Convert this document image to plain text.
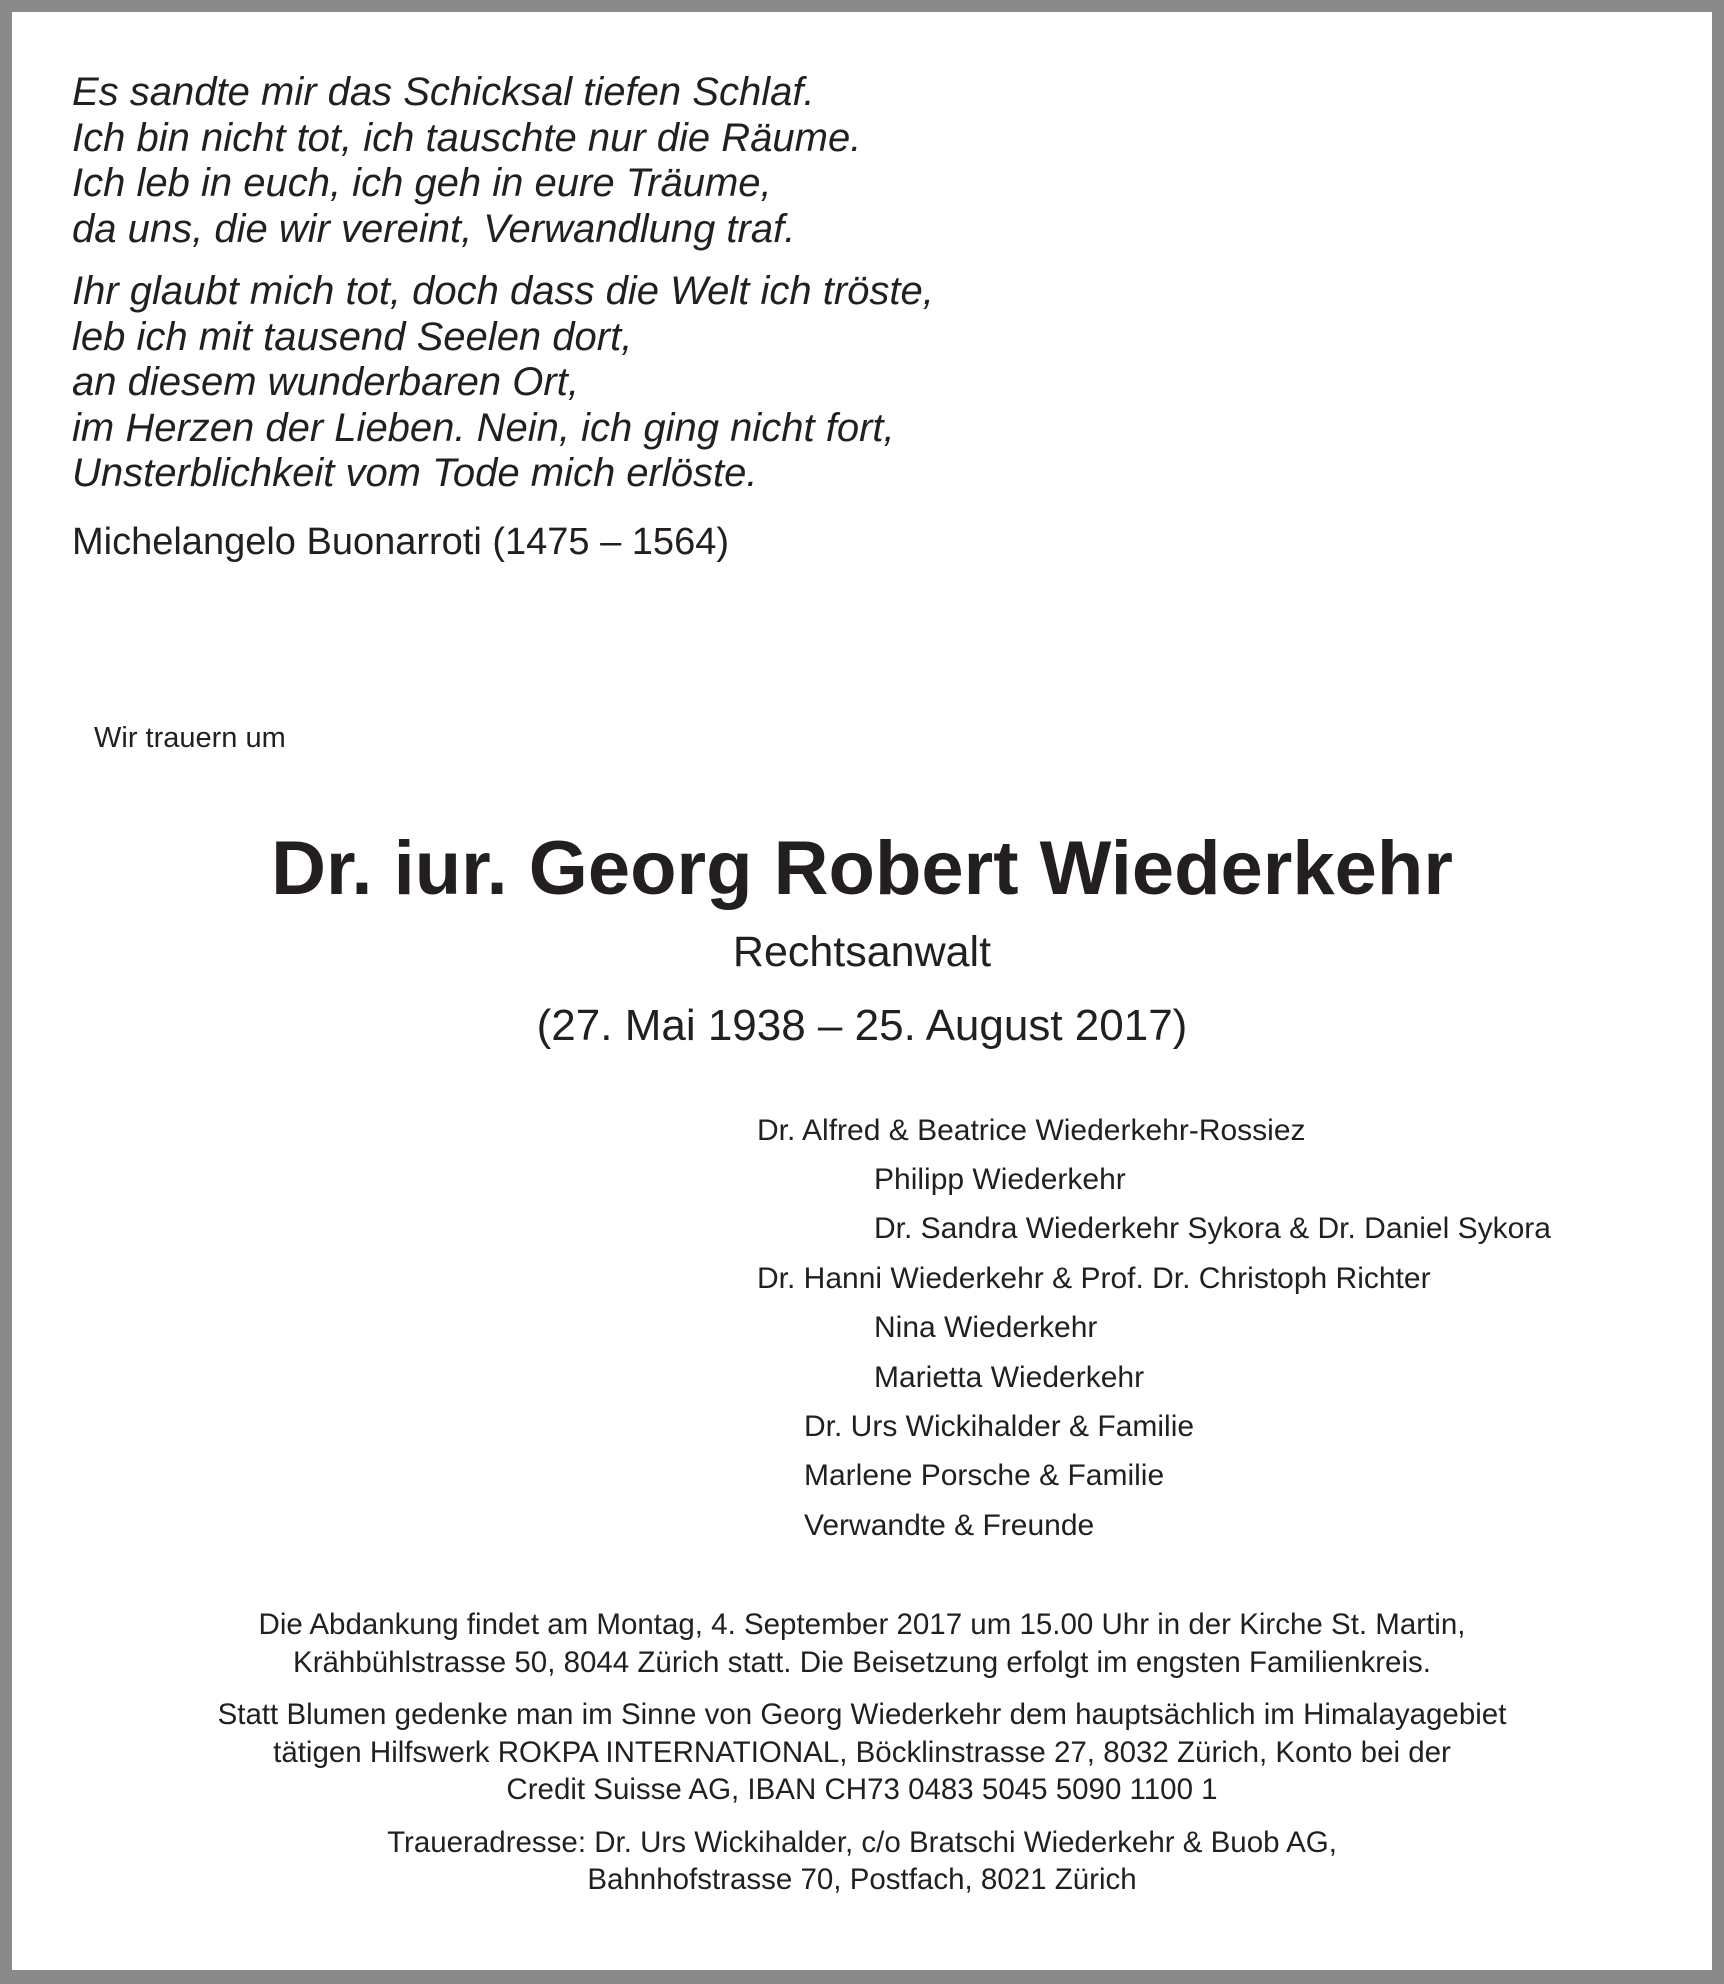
Es sandte mir das Schicksal tiefen Schlaf.
Ich bin nicht tot, ich tauschte nur die Räume.
Ich leb in euch, ich geh in eure Träume,
da uns, die wir vereint, Verwandlung traf.
Ihr glaubt mich tot, doch dass die Welt ich tröste,
leb ich mit tausend Seelen dort,
an diesem wunderbaren Ort,
im Herzen der Lieben. Nein, ich ging nicht fort,
Unsterblichkeit vom Tode mich erlöste.
Michelangelo Buonarroti (1475 – 1564)
Wir trauern um
Dr. iur. Georg Robert Wiederkehr
Rechtsanwalt
(27. Mai 1938 – 25. August 2017)
Dr. Alfred & Beatrice Wiederkehr-Rossiez
Philipp Wiederkehr
Dr. Sandra Wiederkehr Sykora & Dr. Daniel Sykora
Dr. Hanni Wiederkehr & Prof. Dr. Christoph Richter
Nina Wiederkehr
Marietta Wiederkehr
Dr. Urs Wickihalder & Familie
Marlene Porsche & Familie
Verwandte & Freunde

Die Abdankung findet am Montag, 4. September 2017 um 15.00 Uhr in der Kirche St. Martin,
Krähbühlstrasse 50, 8044 Zürich statt. Die Beisetzung erfolgt im engsten Familienkreis.

Statt Blumen gedenke man im Sinne von Georg Wiederkehr dem hauptsächlich im Himalayagebiet
tätigen Hilfswerk ROKPA INTERNATIONAL, Böcklinstrasse 27, 8032 Zürich, Konto bei der
Credit Suisse AG, IBAN CH73 0483 5045 5090 1100 1

Traueradresse: Dr. Urs Wickihalder, c/o Bratschi Wiederkehr & Buob AG,
Bahnhofstrasse 70, Postfach, 8021 Zürich
